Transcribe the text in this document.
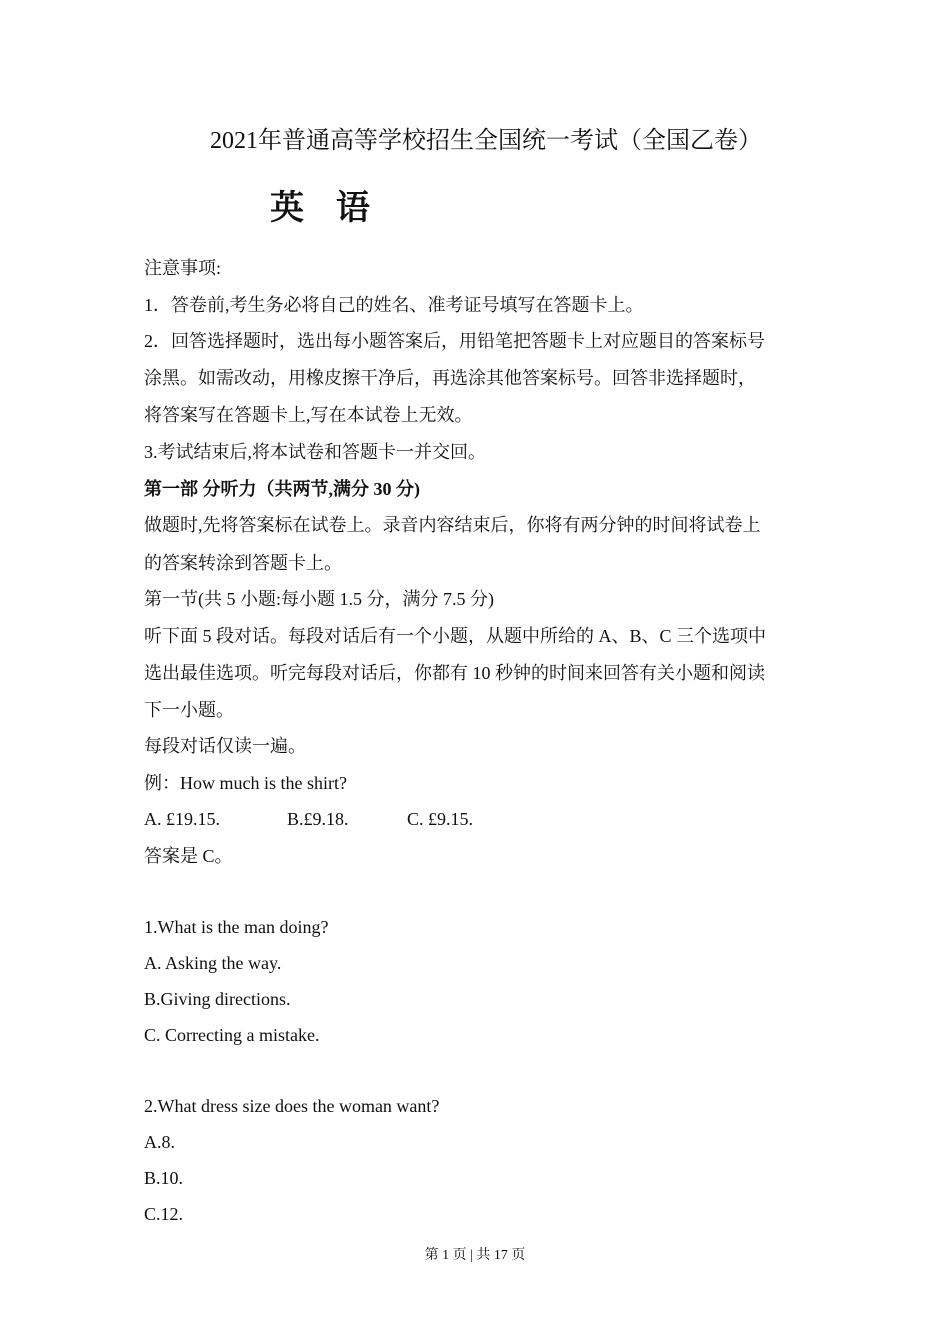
2021年普通高等学校招生全国统一考试（全国乙卷）
英 语
注意事项:
1．答卷前,考生务必将自己的姓名、准考证号填写在答题卡上。
2．回答选择题时，选出每小题答案后，用铅笔把答题卡上对应题目的答案标号
涂黑。如需改动，用橡皮擦干净后，再选涂其他答案标号。回答非选择题时，
将答案写在答题卡上,写在本试卷上无效。
3.考试结束后,将本试卷和答题卡一并交回。
第一部 分听力（共两节,满分 30 分)
做题时,先将答案标在试卷上。录音内容结束后，你将有两分钟的时间将试卷上
的答案转涂到答题卡上。
第一节(共 5 小题:每小题 1.5 分，满分 7.5 分)
听下面 5 段对话。每段对话后有一个小题，从题中所给的 A、B、C 三个选项中
选出最佳选项。听完每段对话后，你都有 10 秒钟的时间来回答有关小题和阅读
下一小题。
每段对话仅读一遍。
例：How much is the shirt?
A. £19.15.	B.£9.18.	C. £9.15.
答案是 C。
1.What is the man doing?
A. Asking the way.
B.Giving directions.
C. Correcting a mistake.
2.What dress size does the woman want?
A.8.
B.10.
C.12.
第 1 页 | 共 17 页
